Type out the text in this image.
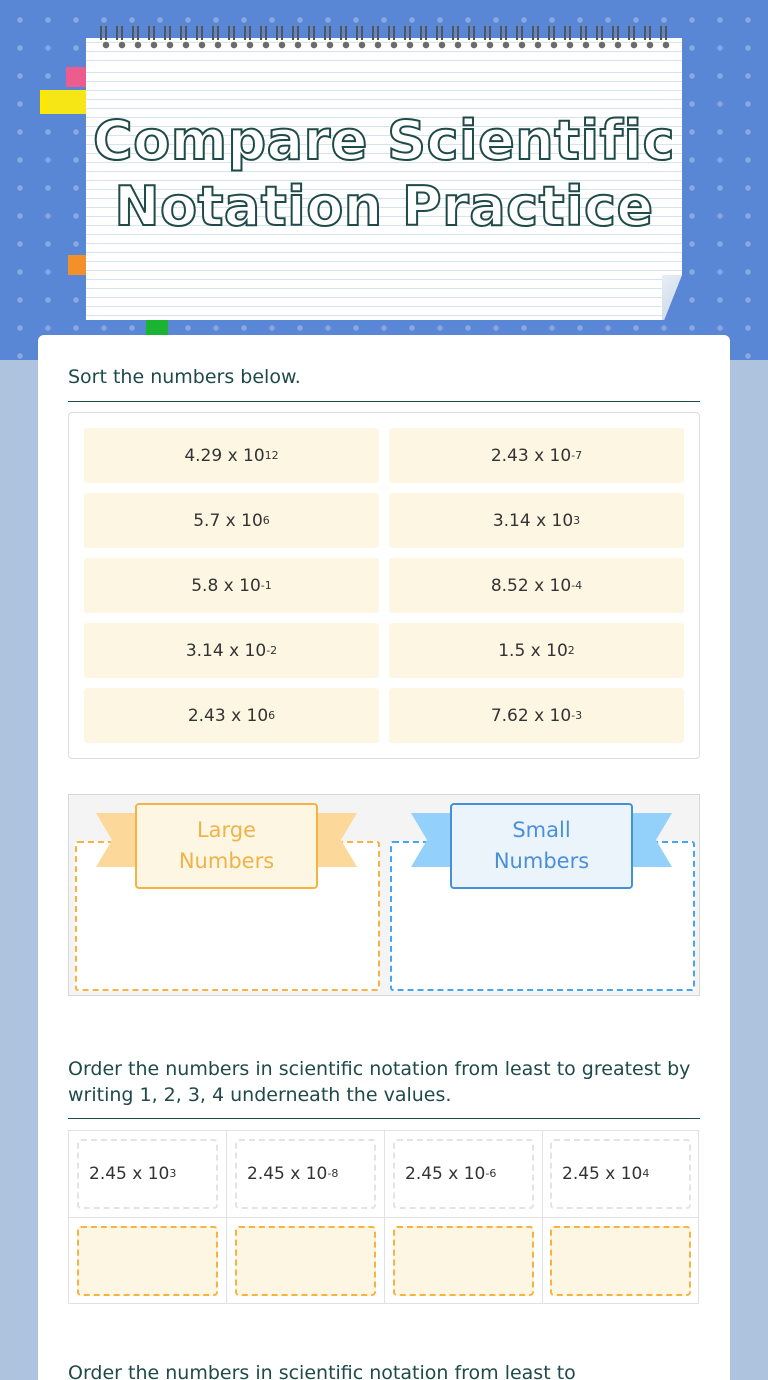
Compare Scientific
Notation Practice
Sort the numbers below.
4.29 x 10 12	2.43 x 10 -7
5.7 x 10 6	3.14 x 10 3
5.8 x 10 -1	8.52 x 10 -4
3.14 x 10 -2	1.5 x 10 2
2.43 x 10 6	7.62 x 10 -3
Large Numbers
Small Numbers
Order the numbers in scientific notation from least to greatest by writing 1, 2, 3, 4 underneath the values.
2.45 x 10 3	2.45 x 10 -8	2.45 x 10 -6	2.45 x 10 4
Order the numbers in scientific notation from least to
